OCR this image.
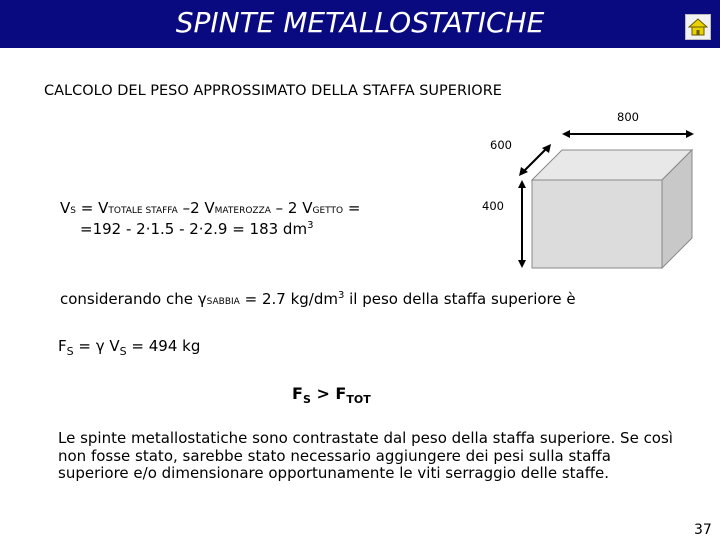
SPINTE METALLOSTATICHE
CALCOLO DEL PESO APPROSSIMATO DELLA STAFFA SUPERIORE
800
600
400
VS = VTOTALE STAFFA –2 VMATEROZZA – 2 VGETTO =
=192 - 2·1.5 - 2·2.9 = 183 $dm^3$
considerando che γSABBIA = 2.7 $kg/dm^3$ il peso della staffa superiore è
$F_S = \gamma$ $V_S = 494$ kg
$F_S > F_{TOT}$
Le spinte metallostatiche sono contrastate dal peso della staffa superiore. Se così non fosse stato, sarebbe stato necessario aggiungere dei pesi sulla staffa superiore e/o dimensionare opportunamente le viti serraggio delle staffe.
37
